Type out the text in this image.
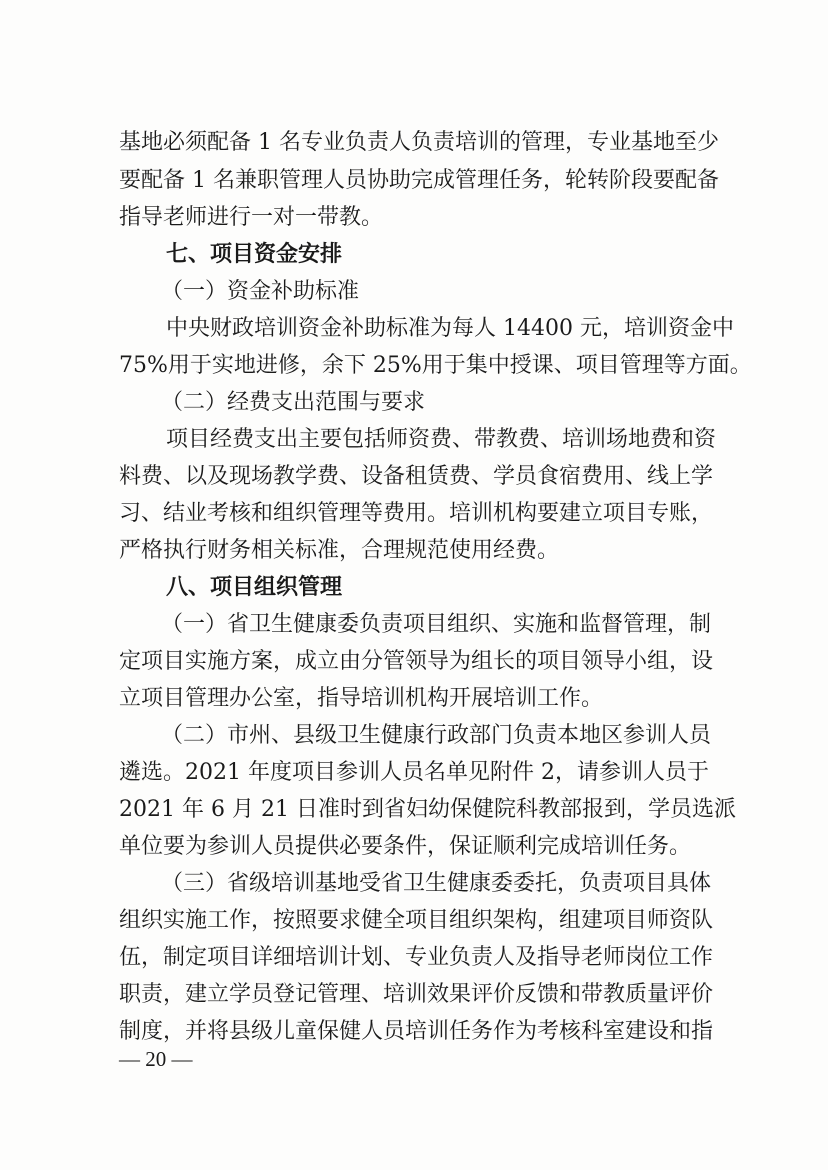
基地必须配备 1 名专业负责人负责培训的管理，专业基地至少

要配备 1 名兼职管理人员协助完成管理任务，轮转阶段要配备

指导老师进行一对一带教。

七、项目资金安排

（一）资金补助标准

中央财政培训资金补助标准为每人 14400 元，培训资金中

75%用于实地进修，余下 25%用于集中授课、项目管理等方面。

（二）经费支出范围与要求

项目经费支出主要包括师资费、带教费、培训场地费和资

料费、以及现场教学费、设备租赁费、学员食宿费用、线上学

习、结业考核和组织管理等费用。培训机构要建立项目专账，

严格执行财务相关标准，合理规范使用经费。

八、项目组织管理

（一）省卫生健康委负责项目组织、实施和监督管理，制

定项目实施方案，成立由分管领导为组长的项目领导小组，设

立项目管理办公室，指导培训机构开展培训工作。

（二）市州、县级卫生健康行政部门负责本地区参训人员

遴选。2021 年度项目参训人员名单见附件 2，请参训人员于

2021 年 6 月 21 日准时到省妇幼保健院科教部报到，学员选派

单位要为参训人员提供必要条件，保证顺利完成培训任务。

（三）省级培训基地受省卫生健康委委托，负责项目具体

组织实施工作，按照要求健全项目组织架构，组建项目师资队

伍，制定项目详细培训计划、专业负责人及指导老师岗位工作

职责，建立学员登记管理、培训效果评价反馈和带教质量评价

制度，并将县级儿童保健人员培训任务作为考核科室建设和指

— 20 —
